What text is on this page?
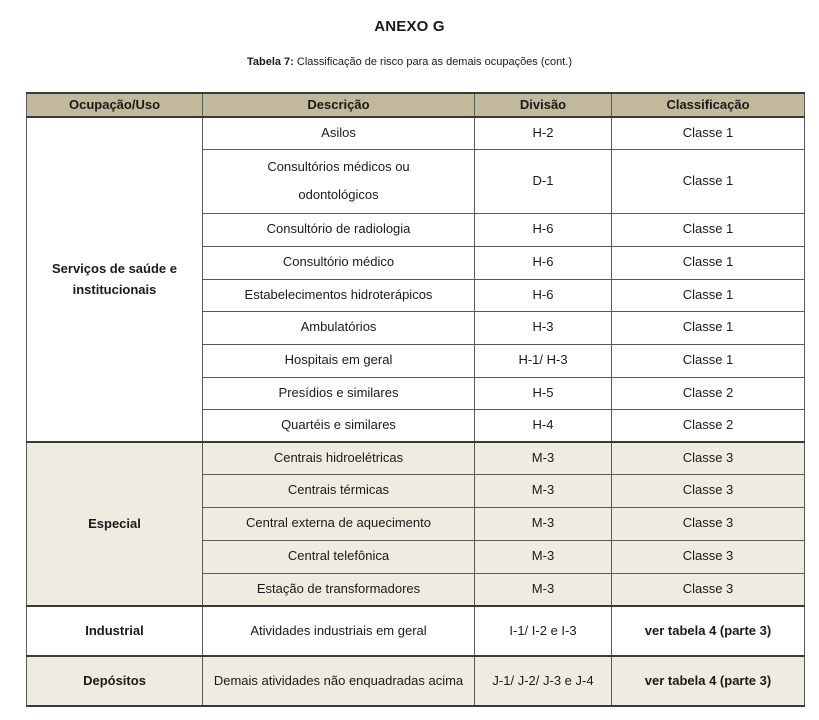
ANEXO G
Tabela 7: Classificação de risco para as demais ocupações (cont.)
Ocupação/Uso	Descrição	Divisão	Classificação
Serviços de saúde e institucionais	Asilos	H-2	Classe 1

	Consultórios médicos ou odontológicos	D-1	Classe 1
	Consultório de radiologia	H-6	Classe 1
	Consultório médico	H-6	Classe 1
	Estabelecimentos hidroterápicos	H-6	Classe 1
	Ambulatórios	H-3	Classe 1
	Hospitais em geral	H-1/ H-3	Classe 1
	Presídios e similares	H-5	Classe 2
	Quartéis e similares	H-4	Classe 2
Especial	Centrais hidroelétricas	M-3	Classe 3
	Centrais térmicas	M-3	Classe 3
	Central externa de aquecimento	M-3	Classe 3
	Central telefônica	M-3	Classe 3
	Estação de transformadores	M-3	Classe 3
Industrial	Atividades industriais em geral	I-1/ I-2 e I-3	ver tabela 4 (parte 3)
Depósitos	Demais atividades não enquadradas acima	J-1/ J-2/ J-3 e J-4	ver tabela 4 (parte 3)
